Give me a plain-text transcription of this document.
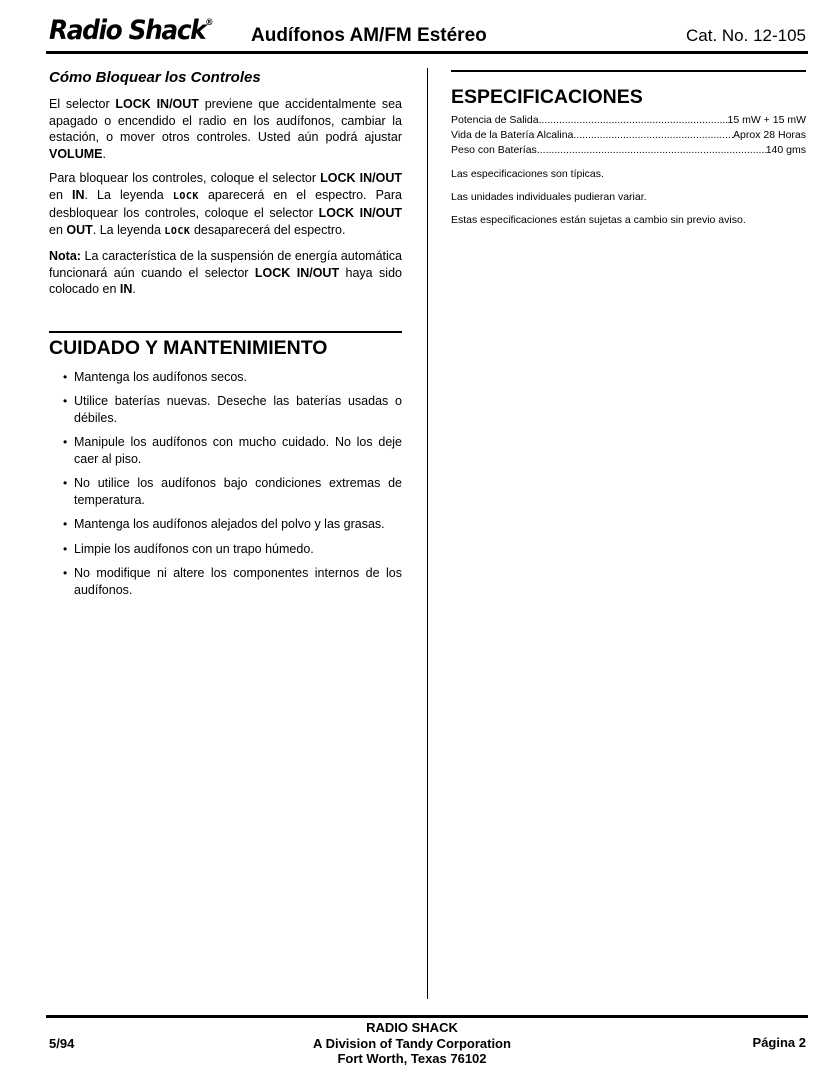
Radio Shack®
Audífonos AM/FM Estéreo	Cat. No. 12-105
Cómo Bloquear los Controles

El selector LOCK IN/OUT previene que accidentalmente sea apagado o encendido el radio en los audífonos, cambiar la estación, o mover otros controles. Usted aún podrá ajustar VOLUME.

Para bloquear los controles, coloque el selector LOCK IN/OUT en IN. La leyenda LOCK aparecerá en el espectro. Para desbloquear los controles, coloque el selector LOCK IN/OUT en OUT. La leyenda LOCK desaparecerá del espectro.

Nota: La característica de la suspensión de energía automática funcionará aún cuando el selector LOCK IN/OUT haya sido colocado en IN.

CUIDADO Y MANTENIMIENTO
• Mantenga los audífonos secos.
• Utilice baterías nuevas. Deseche las baterías usadas o débiles.
• Manipule los audífonos con mucho cuidado. No los deje caer al piso.
• No utilice los audífonos bajo condiciones extremas de temperatura.
• Mantenga los audífonos alejados del polvo y las grasas.
• Limpie los audífonos con un trapo húmedo.
• No modifique ni altere los componentes internos de los audífonos.
ESPECIFICACIONES
Potencia de Salida .....	15 mW + 15 mW
Vida de la Batería Alcalina .....	Aprox 28 Horas
Peso con Baterías .....	140 gms

Las especificaciones son típicas.

Las unidades individuales pudieran variar.

Estas especificaciones están sujetas a cambio sin previo aviso.

5/94
RADIO SHACK
A Division of Tandy Corporation
Fort Worth, Texas 76102
Página 2
